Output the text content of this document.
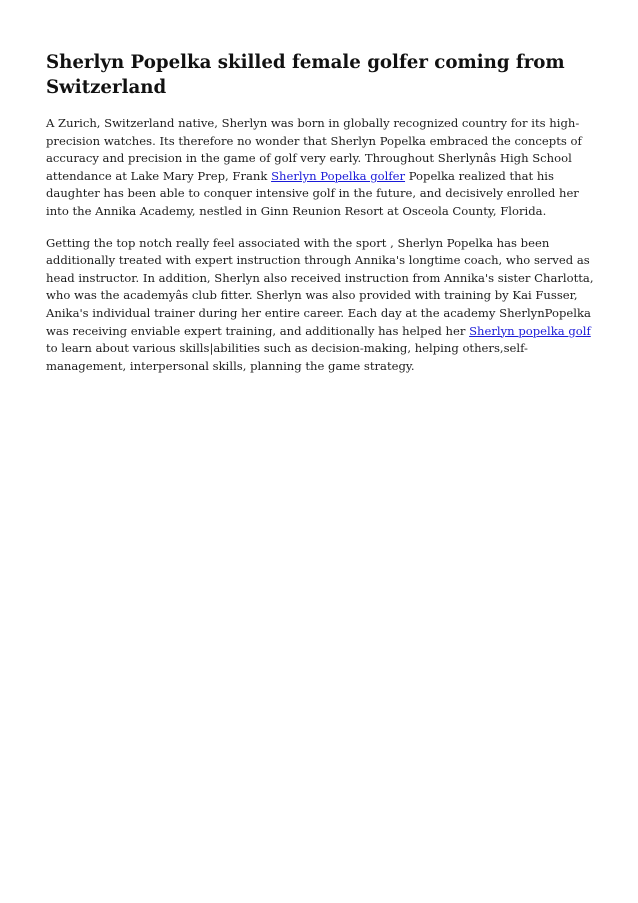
Sherlyn Popelka skilled female golfer coming from Switzerland

A Zurich, Switzerland native, Sherlyn was born in globally recognized country for its high-precision watches. Its therefore no wonder that Sherlyn Popelka embraced the concepts of accuracy and precision in the game of golf very early. Throughout Sherlynâs High School attendance at Lake Mary Prep, Frank Sherlyn Popelka golfer Popelka realized that his daughter has been able to conquer intensive golf in the future, and decisively enrolled her into the Annika Academy, nestled in Ginn Reunion Resort at Osceola County, Florida.

Getting the top notch really feel associated with the sport , Sherlyn Popelka has been additionally treated with expert instruction through Annika's longtime coach, who served as head instructor. In addition, Sherlyn also received instruction from Annika's sister Charlotta, who was the academyâs club fitter. Sherlyn was also provided with training by Kai Fusser, Anika's individual trainer during her entire career. Each day at the academy SherlynPopelka was receiving enviable expert training, and additionally has helped her Sherlyn popelka golf to learn about various skills|abilities such as decision-making, helping others,self-management, interpersonal skills, planning the game strategy.
